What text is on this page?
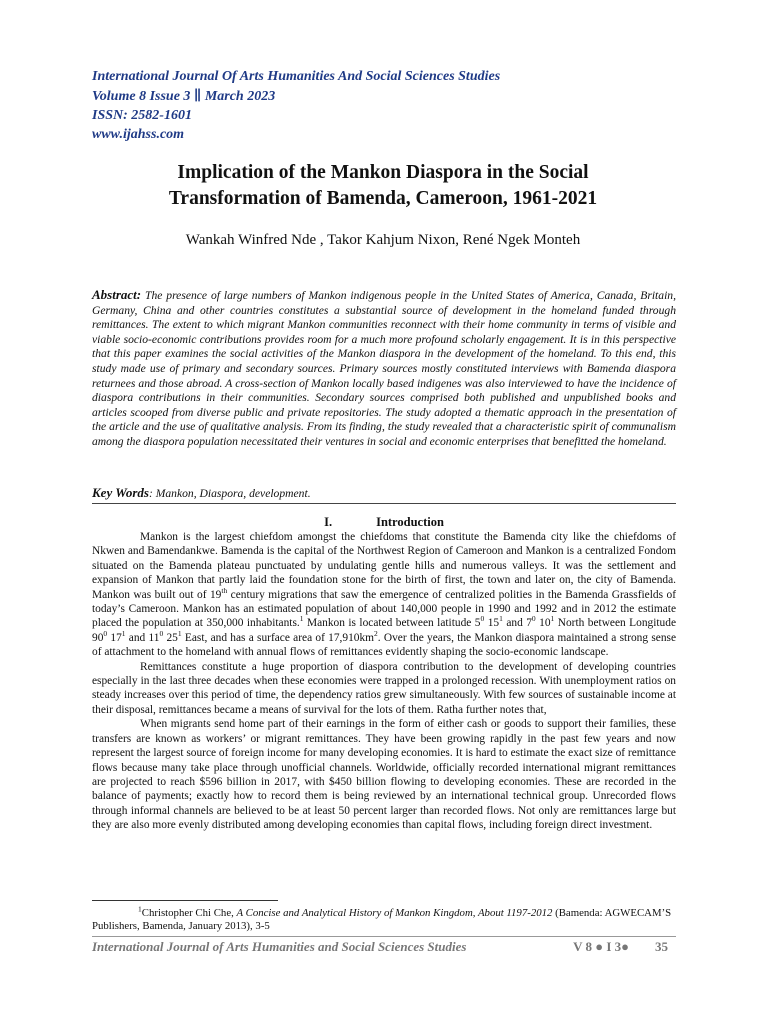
International Journal Of Arts Humanities And Social Sciences Studies
Volume 8 Issue 3 ∥ March 2023
ISSN: 2582-1601
www.ijahss.com
Implication of the Mankon Diaspora in the Social
Transformation of Bamenda, Cameroon, 1961-2021
Wankah Winfred Nde , Takor Kahjum Nixon, René Ngek Monteh
Abstract: The presence of large numbers of Mankon indigenous people in the United States of America, Canada, Britain, Germany, China and other countries constitutes a substantial source of development in the homeland funded through remittances. The extent to which migrant Mankon communities reconnect with their home community in terms of visible and viable socio-economic contributions provides room for a much more profound scholarly engagement. It is in this perspective that this paper examines the social activities of the Mankon diaspora in the development of the homeland. To this end, this study made use of primary and secondary sources. Primary sources mostly constituted interviews with Bamenda diaspora returnees and those abroad. A cross-section of Mankon locally based indigenes was also interviewed to have the incidence of diaspora contributions in their communities. Secondary sources comprised both published and unpublished books and articles scooped from diverse public and private repositories. The study adopted a thematic approach in the presentation of the article and the use of qualitative analysis. From its finding, the study revealed that a characteristic spirit of communalism among the diaspora population necessitated their ventures in social and economic enterprises that benefitted the homeland.
Key Words: Mankon, Diaspora, development.
I.	Introduction

Mankon is the largest chiefdom amongst the chiefdoms that constitute the Bamenda city like the chiefdoms of Nkwen and Bamendankwe. Bamenda is the capital of the Northwest Region of Cameroon and Mankon is a centralized Fondom situated on the Bamenda plateau punctuated by undulating gentle hills and numerous valleys. It was the settlement and expansion of Mankon that partly laid the foundation stone for the birth of first, the town and later on, the city of Bamenda. Mankon was built out of 19th century migrations that saw the emergence of centralized polities in the Bamenda Grassfields of today’s Cameroon. Mankon has an estimated population of about 140,000 people in 1990 and 1992 and in 2012 the estimate placed the population at 350,000 inhabitants.$^1$ Mankon is located between latitude $5^0$ $15^1$ and $7^0$ $10^1$ North between Longitude $90^0$ $17^1$ and $11^0$ $25^1$ East, and has a surface area of $17,910km^2$. Over the years, the Mankon diaspora maintained a strong sense of attachment to the homeland with annual flows of remittances evidently shaping the socio-economic landscape.

Remittances constitute a huge proportion of diaspora contribution to the development of developing countries especially in the last three decades when these economies were trapped in a prolonged recession. With unemployment ratios on steady increases over this period of time, the dependency ratios grew simultaneously. With few sources of sustainable income at their disposal, remittances became a means of survival for the lots of them. Ratha further notes that,

When migrants send home part of their earnings in the form of either cash or goods to support their families, these transfers are known as workers’ or migrant remittances. They have been growing rapidly in the past few years and now represent the largest source of foreign income for many developing economies. It is hard to estimate the exact size of remittance flows because many take place through unofficial channels. Worldwide, officially recorded international migrant remittances are projected to reach $596 billion in 2017, with $450 billion flowing to developing economies. These are recorded in the balance of payments; exactly how to record them is being reviewed by an international technical group. Unrecorded flows through informal channels are believed to be at least 50 percent larger than recorded flows. Not only are remittances large but they are also more evenly distributed among developing economies than capital flows, including foreign direct investment.

$^1$Christopher Chi Che, A Concise and Analytical History of Mankon Kingdom, About 1197-2012 (Bamenda: AGWECAM’S Publishers, Bamenda, January 2013), 3-5
International Journal of Arts Humanities and Social Sciences Studies	V 8 ● I 3● 35
